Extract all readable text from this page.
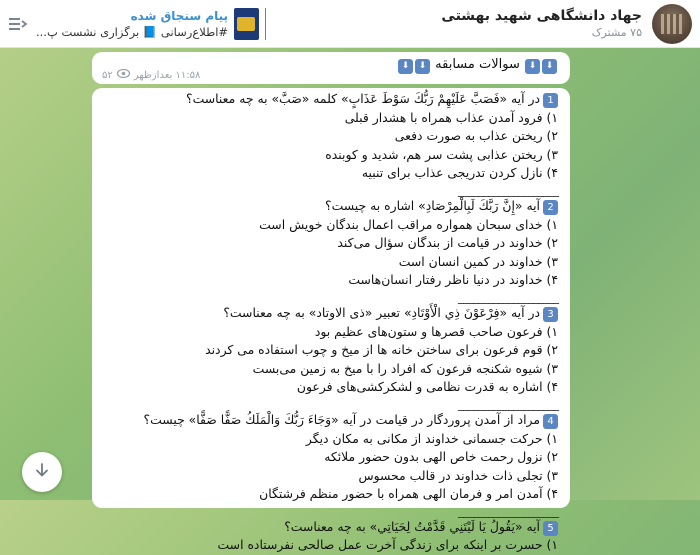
جهاد دانشگاهی شهید بهشتی
۷۵ مشترک
پیام سنجاق شده
#اطلاع‌رسانی 📘 برگزاری نشست پ...
⬇⬇ سوالات مسابقه ⬇⬇
۱۱:۵۸ بعدازظهر
۵۲
1در آیه «فَصَبَّ عَلَیْهِمْ رَبُّكَ سَوْطَ عَذَابٍ» كلمه «صَبَّ» به چه معناست؟
۱) فرود آمدن عذاب همراه با هشدار قبلی
۲) ریختن عذاب به صورت دفعی
۳) ریختن عذابی پشت سر هم، شدید و کوبنده
۴) نازل کردن تدریجی عذاب برای تنبیه
____________________
2آیه «إِنَّ رَبَّكَ لَبِالْمِرْصَادِ» اشاره به چیست؟
۱) خدای سبحان همواره مراقب اعمال بندگان خویش است
۲) خداوند در قیامت از بندگان سؤال می‌کند
۳) خداوند در کمین انسان است
۴) خداوند در دنیا ناظر رفتار انسان‌هاست
____________________
3در آیه «فِرْعَوْنَ ذِي الْأَوْتَادِ» تعبیر «ذی الاوتاد» به چه معناست؟
۱) فرعون صاحب قصرها و ستون‌های عظیم بود
۲) قوم فرعون برای ساختن خانه ها از میخ و چوب استفاده می کردند
۳) شیوه شکنجه فرعون که افراد را با میخ به زمین می‌بست
۴) اشاره به قدرت نظامی و لشکرکشی‌های فرعون
____________________
4مراد از آمدن پروردگار در قیامت در آیه «وَجَاءَ رَبُّكَ وَالْمَلَكُ صَفًّا صَفًّا» چیست؟
۱) حرکت جسمانی خداوند از مکانی به مکان دیگر
۲) نزول رحمت خاص الهی بدون حضور ملائکه
۳) تجلی ذات خداوند در قالب محسوس
۴) آمدن امر و فرمان الهی همراه با حضور منظم فرشتگان
____________________
5آیه «يَقُولُ يَا لَيْتَنِي قَدَّمْتُ لِحَيَاتِي» به چه معناست؟
۱) حسرت بر اینکه برای زندگی آخرت عمل صالحی نفرستاده است
